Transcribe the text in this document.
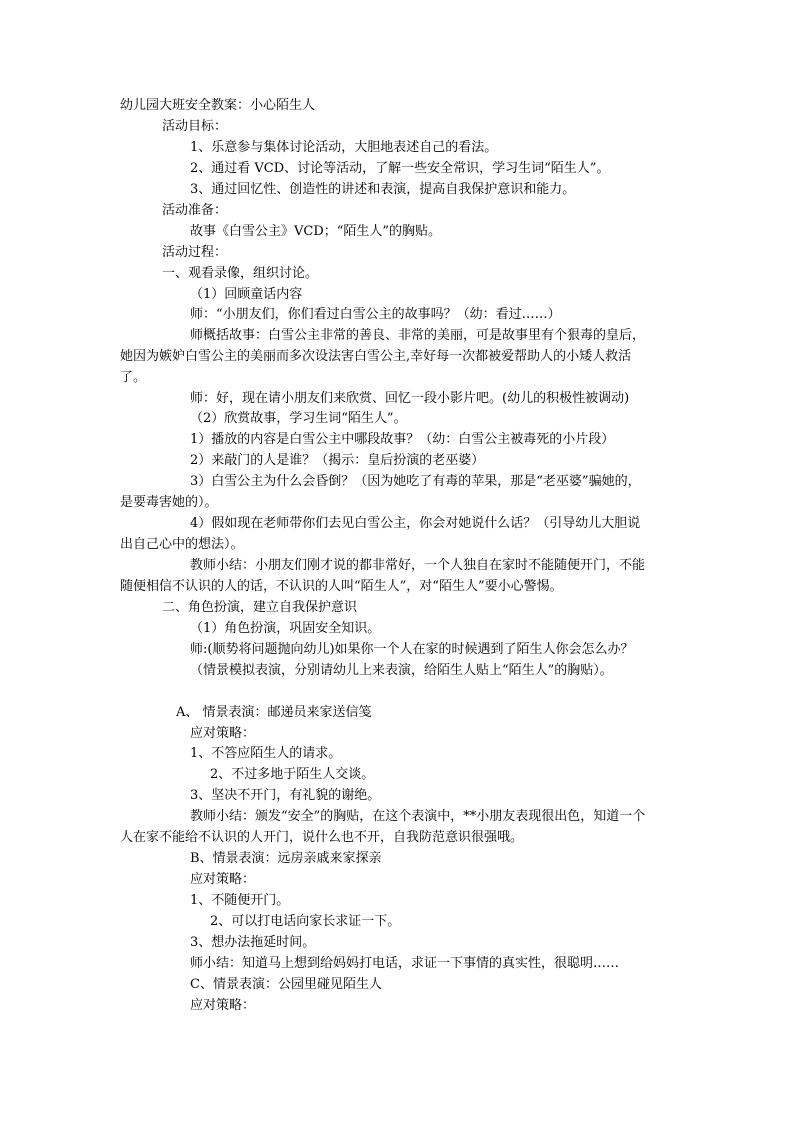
幼儿园大班安全教案：小心陌生人
活动目标：
1、乐意参与集体讨论活动，大胆地表述自己的看法。
2、通过看 VCD、讨论等活动，了解一些安全常识，学习生词“陌生人”。
3、通过回忆性、创造性的讲述和表演，提高自我保护意识和能力。
活动准备：
故事《白雪公主》VCD；“陌生人”的胸贴。
活动过程：
一、观看录像，组织讨论。
（1）回顾童话内容
师：“小朋友们，你们看过白雪公主的故事吗？（幼：看过……）
师概括故事：白雪公主非常的善良、非常的美丽，可是故事里有个狠毒的皇后，
她因为嫉妒白雪公主的美丽而多次设法害白雪公主,幸好每一次都被爱帮助人的小矮人救活
了。
师：好，现在请小朋友们来欣赏、回忆一段小影片吧。(幼儿的积极性被调动)
（2）欣赏故事，学习生词“陌生人”。
1）播放的内容是白雪公主中哪段故事？（幼：白雪公主被毒死的小片段）
2）来敲门的人是谁？（揭示：皇后扮演的老巫婆）
3）白雪公主为什么会昏倒？（因为她吃了有毒的苹果，那是“老巫婆”骗她的，
是要毒害她的）。
4）假如现在老师带你们去见白雪公主，你会对她说什么话？（引导幼儿大胆说
出自己心中的想法）。
教师小结：小朋友们刚才说的都非常好，一个人独自在家时不能随便开门，不能
随便相信不认识的人的话，不认识的人叫“陌生人”，对“陌生人”要小心警惕。
二、角色扮演，建立自我保护意识
（1）角色扮演，巩固安全知识。
师:(顺势将问题抛向幼儿)如果你一个人在家的时候遇到了陌生人你会怎么办？
（情景模拟表演，分别请幼儿上来表演，给陌生人贴上“陌生人”的胸贴）。
A、 情景表演：邮递员来家送信笺
应对策略：
1、不答应陌生人的请求。
2、不过多地于陌生人交谈。
3、坚决不开门，有礼貌的谢绝。
教师小结：颁发“安全”的胸贴，在这个表演中，**小朋友表现很出色，知道一个
人在家不能给不认识的人开门，说什么也不开，自我防范意识很强哦。
B、情景表演：远房亲戚来家探亲
应对策略：
1、不随便开门。
2、可以打电话向家长求证一下。
3、想办法拖延时间。
师小结：知道马上想到给妈妈打电话，求证一下事情的真实性，很聪明……
C、情景表演：公园里碰见陌生人
应对策略：
